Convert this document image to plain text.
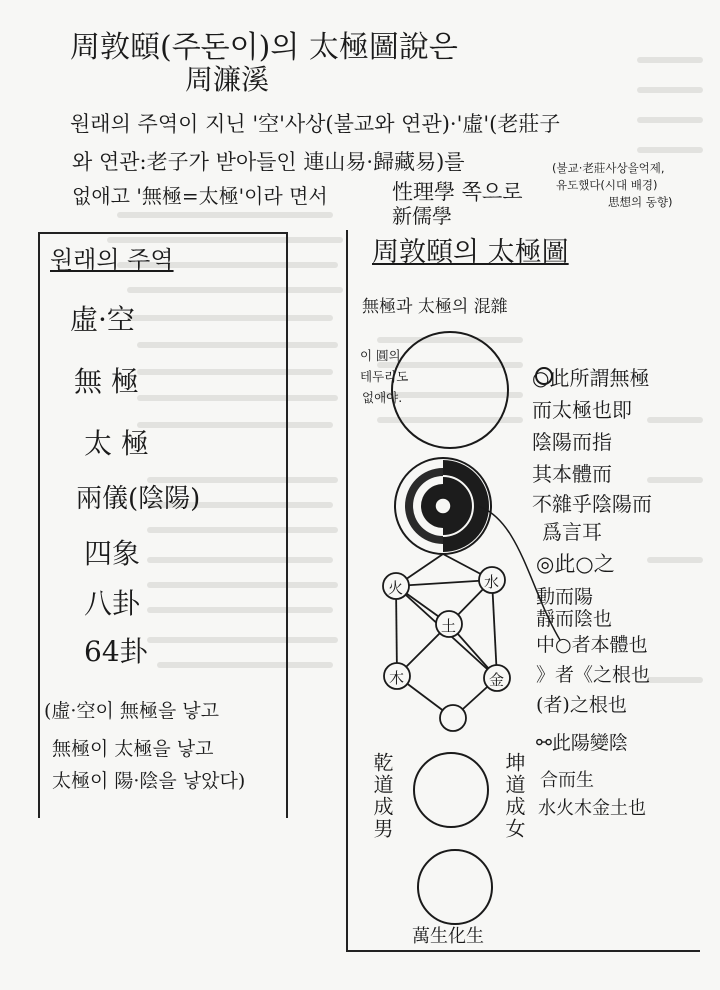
周敦頤(주돈이)의 太極圖說은
周濂溪
원래의 주역이 지닌 '空'사상(불교와 연관)·'虛'(老莊子
와 연관:老子가 받아들인 連山易·歸藏易)를
없애고 '無極=太極'이라 면서	性理學 쪽으로
新儒學
(불교·老莊사상을억제,
유도했다(시대 배경)
思想의 동향)
원래의 주역
虛·空
無 極
太 極
兩儀(陰陽)
四象
八卦
64卦
(虛·空이 無極을 낳고
無極이 太極을 낳고
太極이 陽·陰을 낳았다)
周敦頤의 太極圖
無極과 太極의 混雜
火	水
土
木	金
이 圓의
테두리도
없애야.
乾道成男	坤道成女
萬生化生
○此所謂無極
而太極也即
陰陽而指
其本體而
不雜乎陰陽而
爲言耳
◎此○之
動而陽
靜而陰也
中○者本體也
》者《之根也
(者)之根也
⚯此陽變陰
合而生
水火木金土也
